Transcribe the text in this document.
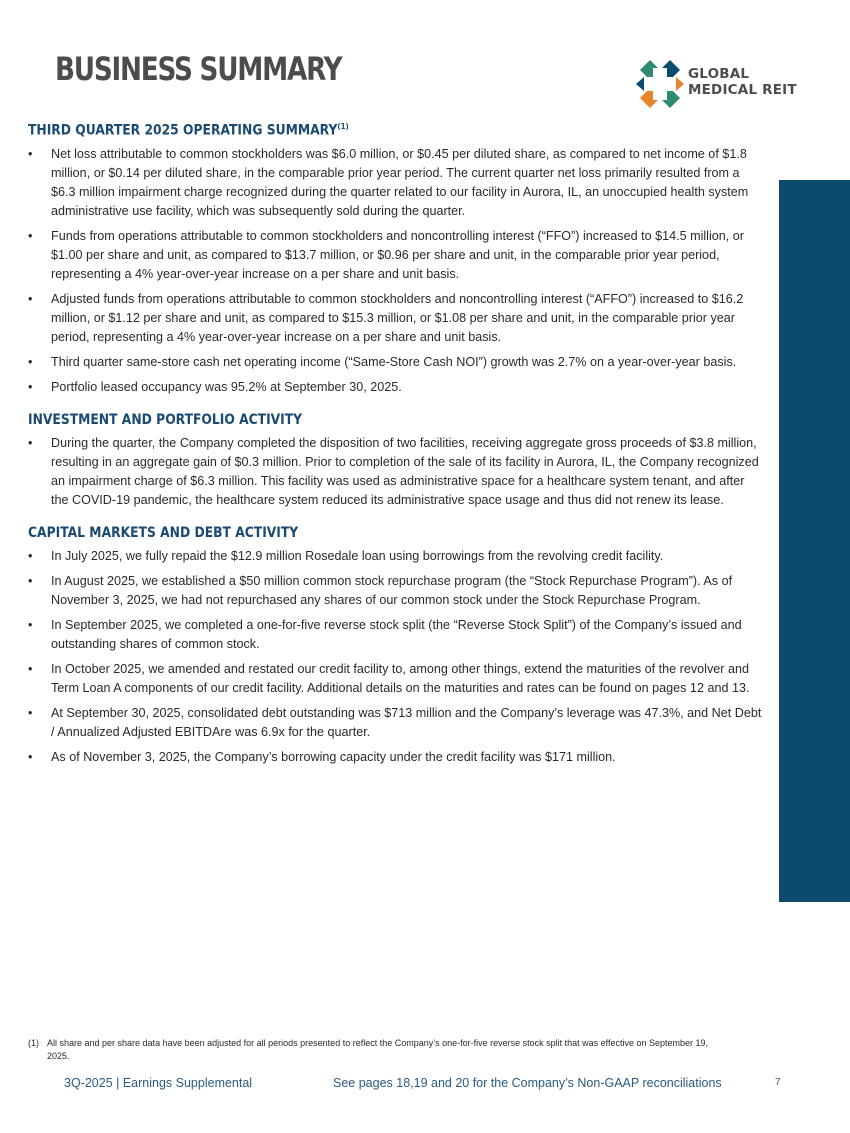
BUSINESS SUMMARY	GLOBAL
MEDICAL REIT
THIRD QUARTER 2025 OPERATING SUMMARY$^{(1)}$
•	Net loss attributable to common stockholders was $6.0 million, or $0.45 per diluted share, as compared to net income of $1.8 million, or $0.14 per diluted share, in the comparable prior year period. The current quarter net loss primarily resulted from a $6.3 million impairment charge recognized during the quarter related to our facility in Aurora, IL, an unoccupied health system administrative use facility, which was subsequently sold during the quarter.
•	Funds from operations attributable to common stockholders and noncontrolling interest (“FFO”) increased to $14.5 million, or $1.00 per share and unit, as compared to $13.7 million, or $0.96 per share and unit, in the comparable prior year period, representing a 4% year-over-year increase on a per share and unit basis.
•	Adjusted funds from operations attributable to common stockholders and noncontrolling interest (“AFFO”) increased to $16.2 million, or $1.12 per share and unit, as compared to $15.3 million, or $1.08 per share and unit, in the comparable prior year period, representing a 4% year-over-year increase on a per share and unit basis.
•	Third quarter same-store cash net operating income (“Same-Store Cash NOI”) growth was 2.7% on a year-over-year basis.
•	Portfolio leased occupancy was 95.2% at September 30, 2025.
INVESTMENT AND PORTFOLIO ACTIVITY
•	During the quarter, the Company completed the disposition of two facilities, receiving aggregate gross proceeds of $3.8 million, resulting in an aggregate gain of $0.3 million. Prior to completion of the sale of its facility in Aurora, IL, the Company recognized an impairment charge of $6.3 million. This facility was used as administrative space for a healthcare system tenant, and after the COVID-19 pandemic, the healthcare system reduced its administrative space usage and thus did not renew its lease.
CAPITAL MARKETS AND DEBT ACTIVITY
•	In July 2025, we fully repaid the $12.9 million Rosedale loan using borrowings from the revolving credit facility.
•	In August 2025, we established a $50 million common stock repurchase program (the “Stock Repurchase Program”). As of November 3, 2025, we had not repurchased any shares of our common stock under the Stock Repurchase Program.
•	In September 2025, we completed a one-for-five reverse stock split (the “Reverse Stock Split”) of the Company’s issued and outstanding shares of common stock.
•	In October 2025, we amended and restated our credit facility to, among other things, extend the maturities of the revolver and Term Loan A components of our credit facility. Additional details on the maturities and rates can be found on pages 12 and 13.
•	At September 30, 2025, consolidated debt outstanding was $713 million and the Company’s leverage was 47.3%, and Net Debt / Annualized Adjusted EBITDAre was 6.9x for the quarter.
•	As of November 3, 2025, the Company’s borrowing capacity under the credit facility was $171 million.
(1) All share and per share data have been adjusted for all periods presented to reflect the Company’s one-for-five reverse stock split that was effective on September 19, 2025.
3Q-2025 | Earnings Supplemental	See pages 18,19 and 20 for the Company’s Non-GAAP reconciliations	7
